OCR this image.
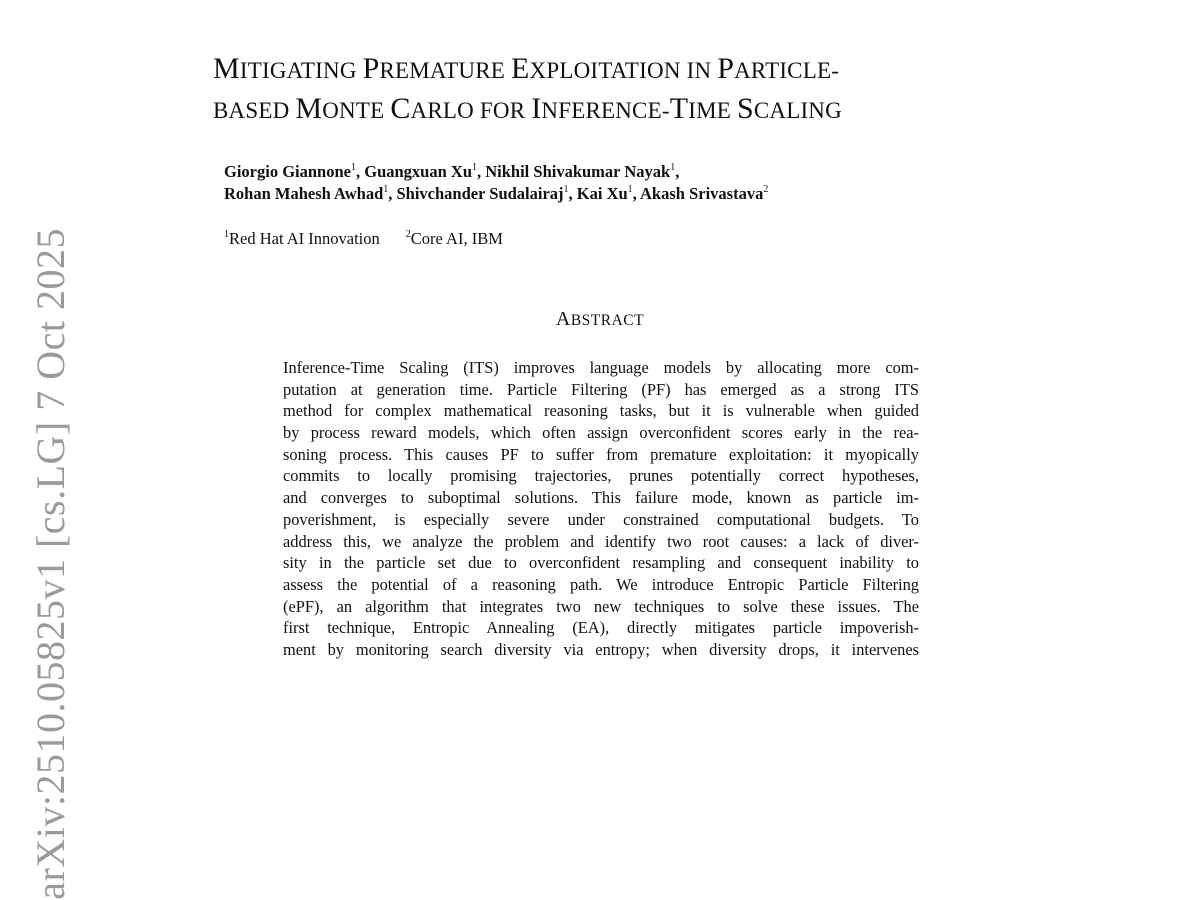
arXiv:2510.05825v1 [cs.LG] 7 Oct 2025
MITIGATING PREMATURE EXPLOITATION IN PARTICLE-
BASED MONTE CARLO FOR INFERENCE-TIME SCALING
Giorgio Giannone$^1$, Guangxuan Xu$^1$, Nikhil Shivakumar Nayak$^1$,
Rohan Mahesh Awhad$^1$, Shivchander Sudalairaj$^1$, Kai Xu$^1$, Akash Srivastava$^2$
$^1$Red Hat AI Innovation	$^2$Core AI, IBM
ABSTRACT
Inference-Time Scaling (ITS) improves language models by allocating more com-
putation at generation time. Particle Filtering (PF) has emerged as a strong ITS
method for complex mathematical reasoning tasks, but it is vulnerable when guided
by process reward models, which often assign overconfident scores early in the rea-
soning process. This causes PF to suffer from premature exploitation: it myopically
commits to locally promising trajectories, prunes potentially correct hypotheses,
and converges to suboptimal solutions. This failure mode, known as particle im-
poverishment, is especially severe under constrained computational budgets. To
address this, we analyze the problem and identify two root causes: a lack of diver-
sity in the particle set due to overconfident resampling and consequent inability to
assess the potential of a reasoning path. We introduce Entropic Particle Filtering
(ePF), an algorithm that integrates two new techniques to solve these issues. The
first technique, Entropic Annealing (EA), directly mitigates particle impoverish-
ment by monitoring search diversity via entropy; when diversity drops, it intervenes
